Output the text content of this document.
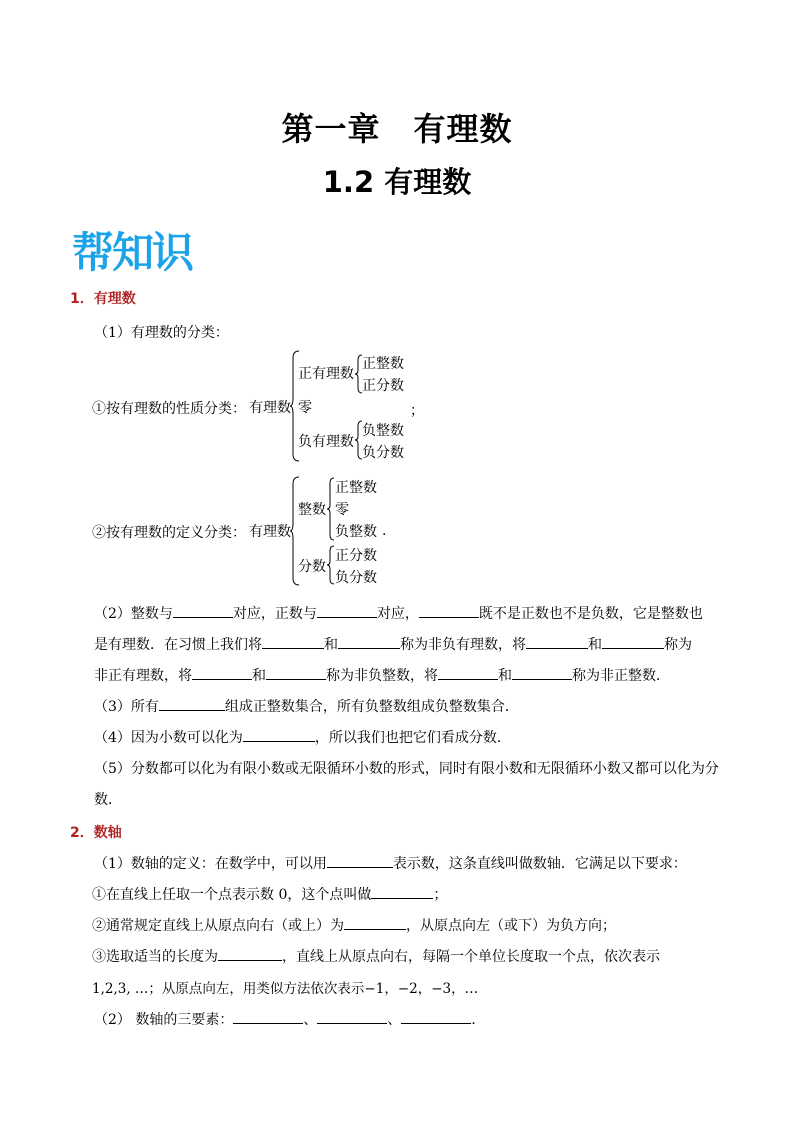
第一章　有理数
1.2 有理数
帮知识
1．有理数
（1）有理数的分类：
①按有理数的性质分类： 有理数
正有理数
正整数
正分数
零	；
负有理数
负整数
负分数
②按有理数的定义分类： 有理数
整数
正整数
零
负整数 .
分数
正分数
负分数
（2）整数与	对应，正数与	对应，	既不是正数也不是负数，它是整数也
是有理数．在习惯上我们将	和	称为非负有理数，将	和	称为
非正有理数，将	和	称为非负整数，将	和	称为非正整数．
（3）所有	组成正整数集合，所有负整数组成负整数集合．
（4）因为小数可以化为	，所以我们也把它们看成分数．
（5）分数都可以化为有限小数或无限循环小数的形式，同时有限小数和无限循环小数又都可以化为分
数．
2．数轴
（1）数轴的定义：在数学中，可以用	表示数，这条直线叫做数轴．它满足以下要求：
①在直线上任取一个点表示数 0，这个点叫做	；
②通常规定直线上从原点向右（或上）为	，从原点向左（或下）为负方向；
③选取适当的长度为	，直线上从原点向右，每隔一个单位长度取一个点，依次表示
1,2,3, …；从原点向左，用类似方法依次表示−1，−2，−3，…
（2） 数轴的三要素：	、	、	．
